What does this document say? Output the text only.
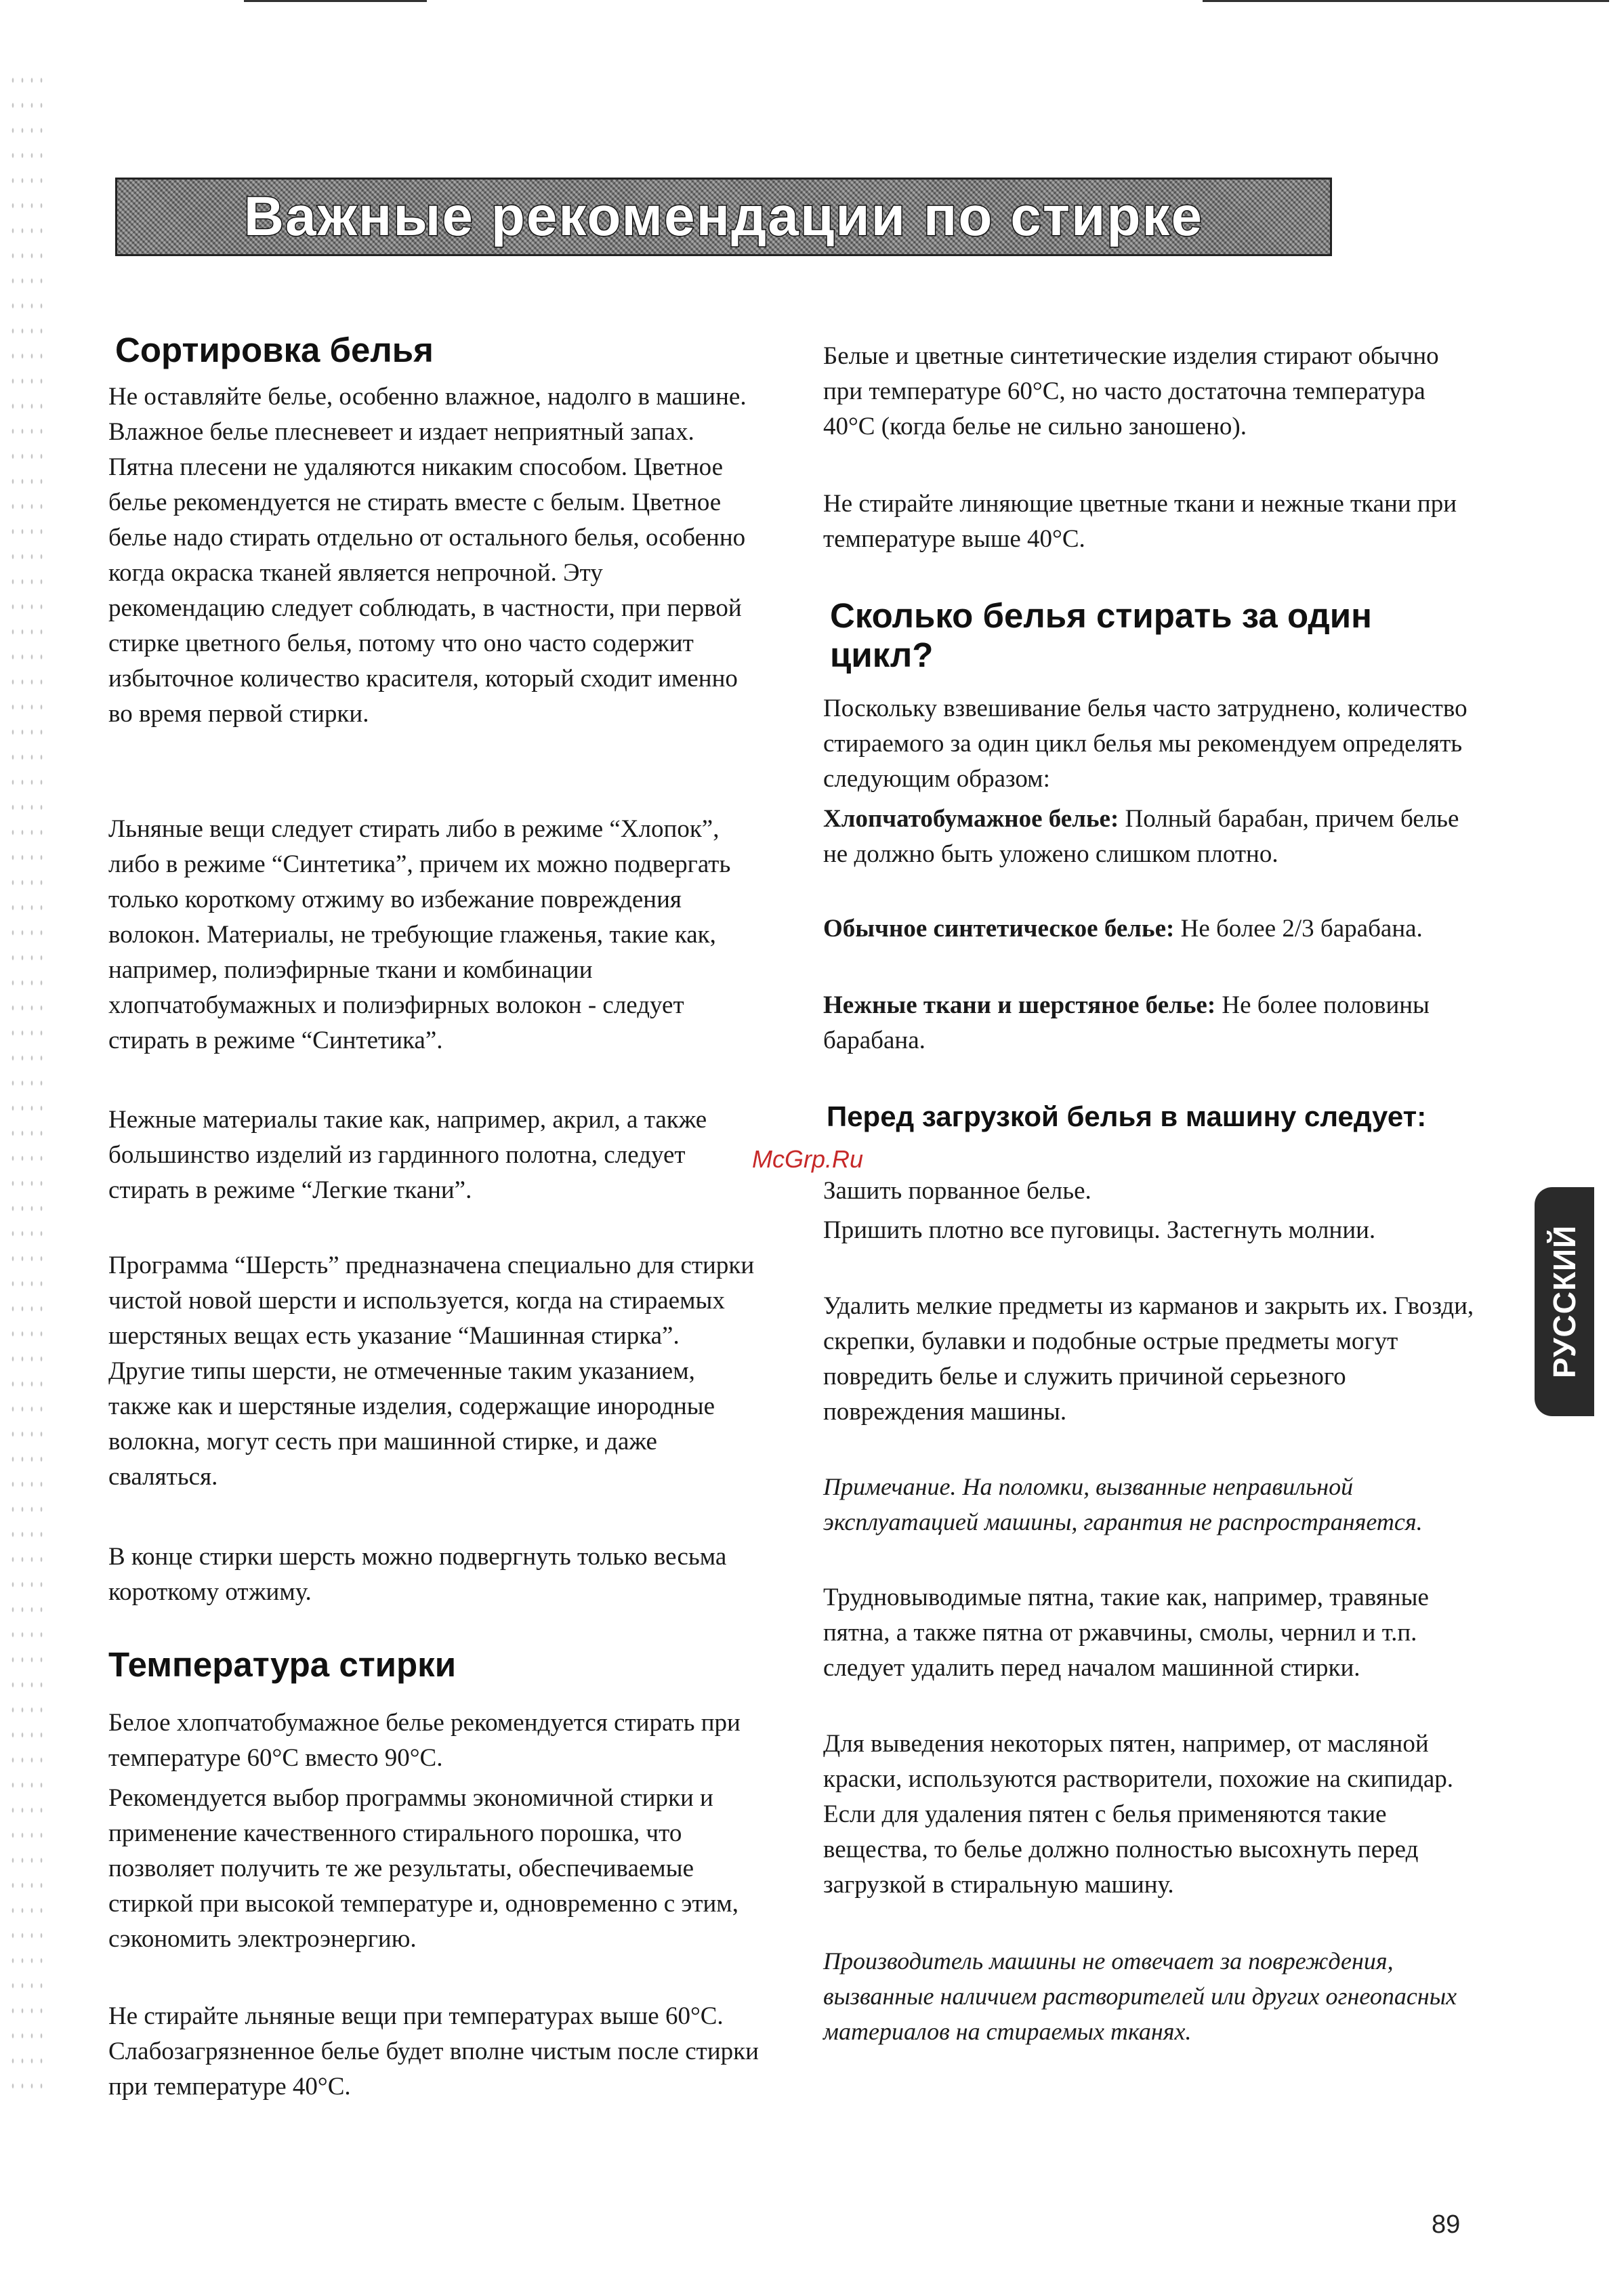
Важные рекомендации по стирке
Сортировка белья

Не оставляйте белье, особенно влажное, надолго в машине. Влажное белье плесневеет и издает неприятный запах. Пятна плесени не удаляются никаким способом. Цветное белье рекомендуется не стирать вместе с белым. Цветное белье надо стирать отдельно от остального белья, особенно когда окраска тканей является непрочной. Эту рекомендацию следует соблюдать, в частности, при первой стирке цветного белья, потому что оно часто содержит избыточное количество красителя, который сходит именно во время первой стирки.

Льняные вещи следует стирать либо в режиме “Хлопок”, либо в режиме “Синтетика”, причем их можно подвергать только короткому отжиму во избежание повреждения волокон. Материалы, не требующие глаженья, такие как, например, полиэфирные ткани и комбинации хлопчатобумажных и полиэфирных волокон - следует стирать в режиме “Синтетика”.

Нежные материалы такие как, например, акрил, а также большинство изделий из гардинного полотна, следует стирать в режиме “Легкие ткани”.

Программа “Шерсть” предназначена специально для стирки чистой новой шерсти и используется, когда на стираемых шерстяных вещах есть указание “Машинная стирка”. Другие типы шерсти, не отмеченные таким указанием, также как и шерстяные изделия, содержащие инородные волокна, могут сесть при машинной стирке, и даже сваляться.

В конце стирки шерсть можно подвергнуть только весьма короткому отжиму.

Температура стирки

Белое хлопчатобумажное белье рекомендуется стирать при температуре 60°С вместо 90°С.

Рекомендуется выбор программы экономичной стирки и применение качественного стирального порошка, что позволяет получить те же результаты, обеспечиваемые стиркой при высокой температуре и, одновременно с этим, сэкономить электроэнергию.

Не стирайте льняные вещи при температурах выше 60°С. Слабозагрязненное белье будет вполне чистым после стирки при температуре 40°С.

Белые и цветные синтетические изделия стирают обычно при температуре 60°С, но часто достаточна температура 40°С (когда белье не сильно заношено).

Не стирайте линяющие цветные ткани и нежные ткани при температуре выше 40°С.

Сколько белья стирать за один цикл?

Поскольку взвешивание белья часто затруднено, количество стираемого за один цикл белья мы рекомендуем определять следующим образом:

Хлопчатобумажное белье: Полный барабан, причем белье не должно быть уложено слишком плотно.

Обычное синтетическое белье: Не более 2/3 барабана.

Нежные ткани и шерстяное белье: Не более половины барабана.

Перед загрузкой белья в машину следует:

Зашить порванное белье.

Пришить плотно все пуговицы. Застегнуть молнии.

Удалить мелкие предметы из карманов и закрыть их. Гвозди, скрепки, булавки и подобные острые предметы могут повредить белье и служить причиной серьезного повреждения машины.

Примечание. На поломки, вызванные неправильной эксплуатацией машины, гарантия не распространяется.

Трудновыводимые пятна, такие как, например, травяные пятна, а также пятна от ржавчины, смолы, чернил и т.п. следует удалить перед началом машинной стирки.

Для выведения некоторых пятен, например, от масляной краски, используются растворители, похожие на скипидар. Если для удаления пятен с белья применяются такие вещества, то белье должно полностью высохнуть перед загрузкой в стиральную машину.

Производитель машины не отвечает за повреждения, вызванные наличием растворителей или других огнеопасных материалов на стираемых тканях.

McGrp.Ru
РУССКИЙ
89
